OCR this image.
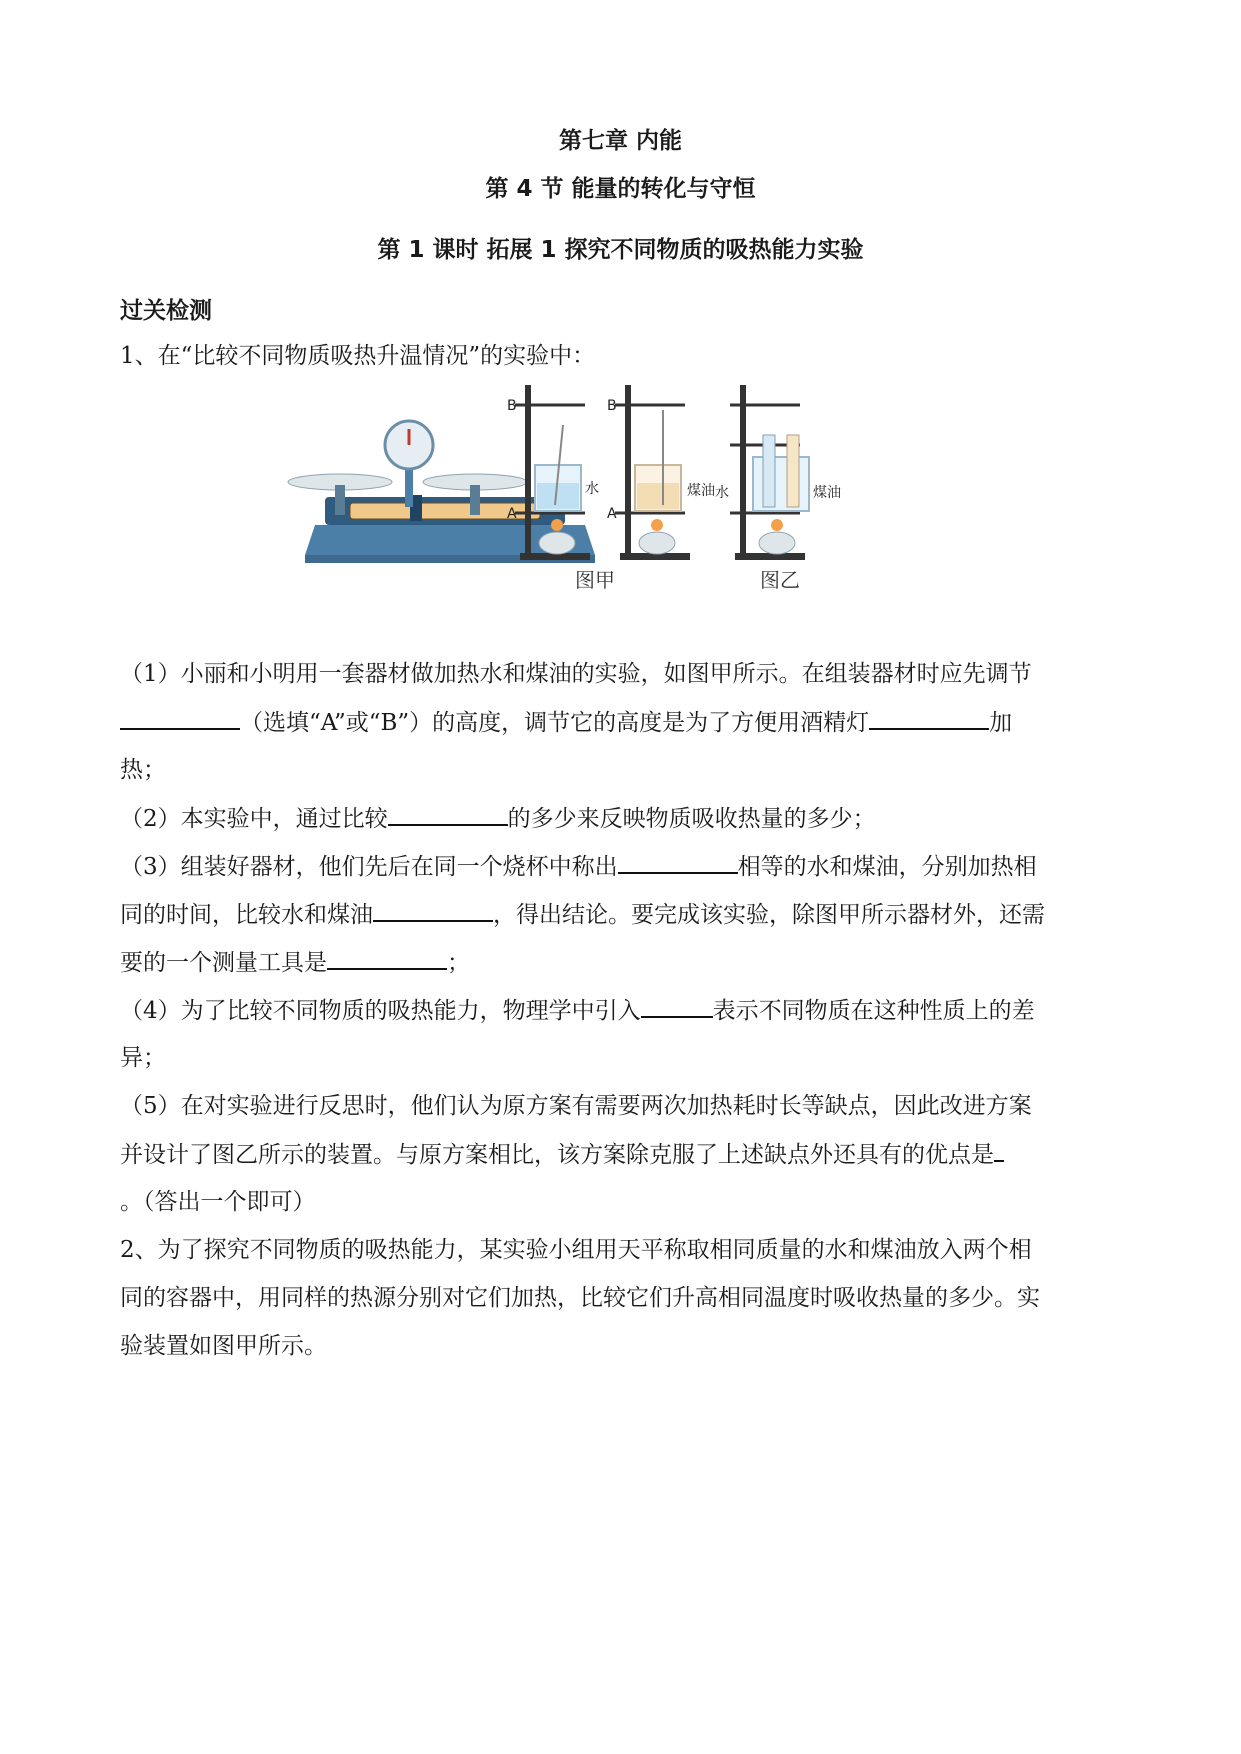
第七章 内能
第 4 节 能量的转化与守恒
第 1 课时 拓展 1 探究不同物质的吸热能力实验
过关检测
1、在“比较不同物质吸热升温情况”的实验中：
B
A
水
B
A
煤油
图甲
水	煤油
图乙
（1）小丽和小明用一套器材做加热水和煤油的实验，如图甲所示。在组装器材时应先调节
（选填“A”或“B”）的高度，调节它的高度是为了方便用酒精灯	加
热；
（2）本实验中，通过比较	的多少来反映物质吸收热量的多少；
（3）组装好器材，他们先后在同一个烧杯中称出	相等的水和煤油，分别加热相
同的时间，比较水和煤油	，得出结论。要完成该实验，除图甲所示器材外，还需
要的一个测量工具是	；
（4）为了比较不同物质的吸热能力，物理学中引入	表示不同物质在这种性质上的差
异；
（5）在对实验进行反思时，他们认为原方案有需要两次加热耗时长等缺点，因此改进方案
并设计了图乙所示的装置。与原方案相比，该方案除克服了上述缺点外还具有的优点是
。（答出一个即可）
2、为了探究不同物质的吸热能力，某实验小组用天平称取相同质量的水和煤油放入两个相
同的容器中，用同样的热源分别对它们加热，比较它们升高相同温度时吸收热量的多少。实
验装置如图甲所示。
